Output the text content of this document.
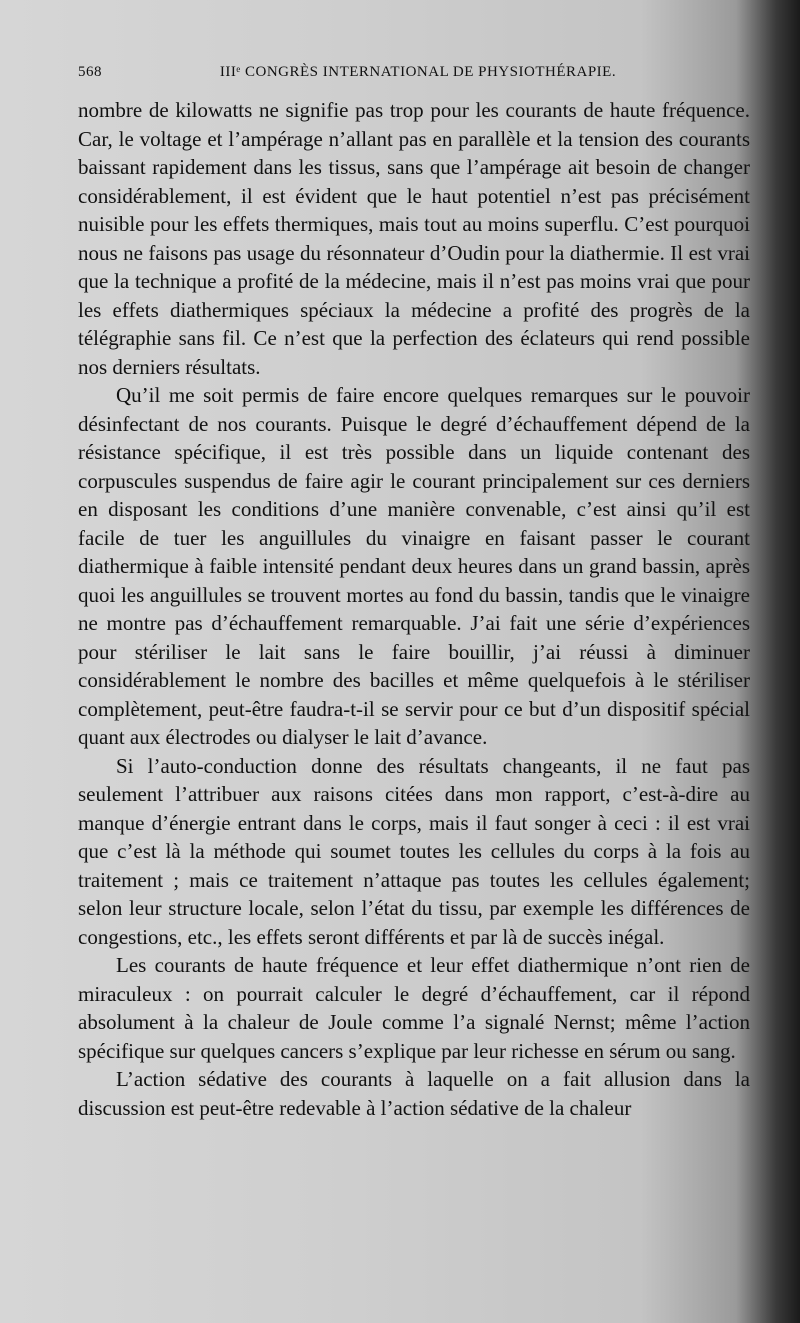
568	IIIᵉ CONGRÈS INTERNATIONAL DE PHYSIOTHÉRAPIE.

nombre de kilowatts ne signifie pas trop pour les courants de haute fréquence. Car, le voltage et l’ampérage n’allant pas en parallèle et la tension des courants baissant rapidement dans les tissus, sans que l’ampérage ait besoin de changer considérablement, il est évident que le haut potentiel n’est pas précisément nuisible pour les effets thermiques, mais tout au moins superflu. C’est pourquoi nous ne faisons pas usage du résonnateur d’Oudin pour la diathermie. Il est vrai que la technique a profité de la médecine, mais il n’est pas moins vrai que pour les effets diathermiques spéciaux la médecine a profité des progrès de la télégraphie sans fil. Ce n’est que la perfection des éclateurs qui rend possible nos derniers résultats.

Qu’il me soit permis de faire encore quelques remarques sur le pouvoir désinfectant de nos courants. Puisque le degré d’échauffement dépend de la résistance spécifique, il est très possible dans un liquide contenant des corpuscules suspendus de faire agir le courant principalement sur ces derniers en disposant les conditions d’une manière convenable, c’est ainsi qu’il est facile de tuer les anguillules du vinaigre en faisant passer le courant diathermique à faible intensité pendant deux heures dans un grand bassin, après quoi les anguillules se trouvent mortes au fond du bassin, tandis que le vinaigre ne montre pas d’échauffement remarquable. J’ai fait une série d’expériences pour stériliser le lait sans le faire bouillir, j’ai réussi à diminuer considérablement le nombre des bacilles et même quelquefois à le stériliser complètement, peut-être faudra-t-il se servir pour ce but d’un dispositif spécial quant aux électrodes ou dialyser le lait d’avance.

Si l’auto-conduction donne des résultats changeants, il ne faut pas seulement l’attribuer aux raisons citées dans mon rapport, c’est-à-dire au manque d’énergie entrant dans le corps, mais il faut songer à ceci : il est vrai que c’est là la méthode qui soumet toutes les cellules du corps à la fois au traitement ; mais ce traitement n’attaque pas toutes les cellules également; selon leur structure locale, selon l’état du tissu, par exemple les différences de congestions, etc., les effets seront différents et par là de succès inégal.

Les courants de haute fréquence et leur effet diathermique n’ont rien de miraculeux : on pourrait calculer le degré d’échauffement, car il répond absolument à la chaleur de Joule comme l’a signalé Nernst; même l’action spécifique sur quelques cancers s’explique par leur richesse en sérum ou sang.

L’action sédative des courants à laquelle on a fait allusion dans la discussion est peut-être redevable à l’action sédative de la chaleur
